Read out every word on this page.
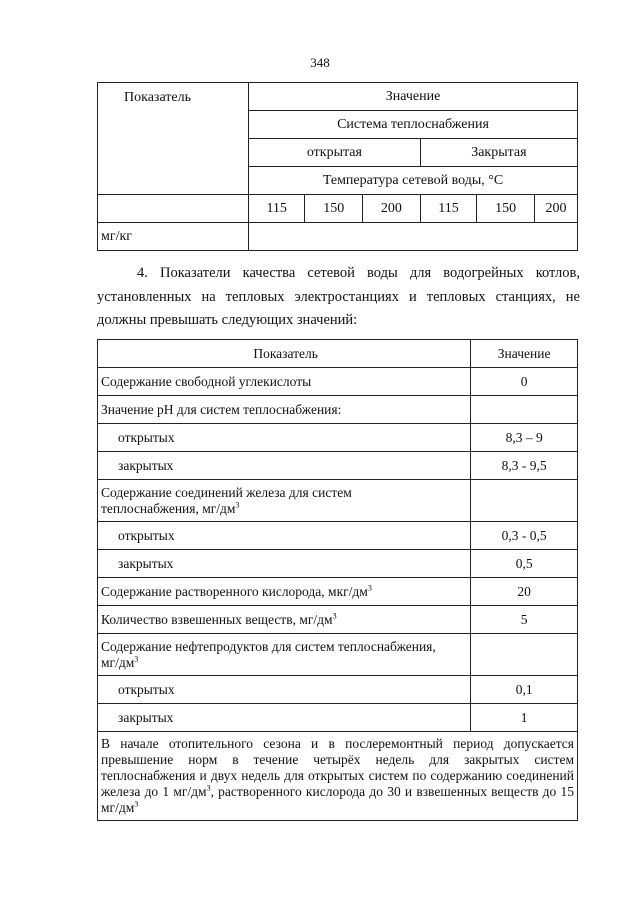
348
Показатель	Значение					
	Система теплоснабжения					
	открытая			Закрытая		
	Температура сетевой воды, °С					
	115	150	200	115	150	200
мг/кг						
4. Показатели качества сетевой воды для водогрейных котлов,
установленных на тепловых электростанциях и тепловых станциях, не
должны превышать следующих значений:
Показатель	Значение
Содержание свободной углекислоты	0
Значение pH для систем теплоснабжения:	
открытых	8,3 – 9
закрытых	8,3 - 9,5
Содержание соединений железа для систем
теплоснабжения, $мг/дм^3$	
открытых	0,3 - 0,5
закрытых	0,5
Содержание растворенного кислорода, мкг/$дм^3$	20
Количество взвешенных веществ, $мг/дм^3$	5
Содержание нефтепродуктов для систем теплоснабжения,
$мг/дм^3$	
открытых	0,1
закрытых	1
В начале отопительного сезона и в послеремонтный период допускается превышение норм в течение четырёх недель для закрытых систем теплоснабжения и двух недель для открытых систем по содержанию соединений железа до 1 $мг/дм^3$, растворенного кислорода до 30 и взвешенных веществ до 15 $мг/дм^3$
